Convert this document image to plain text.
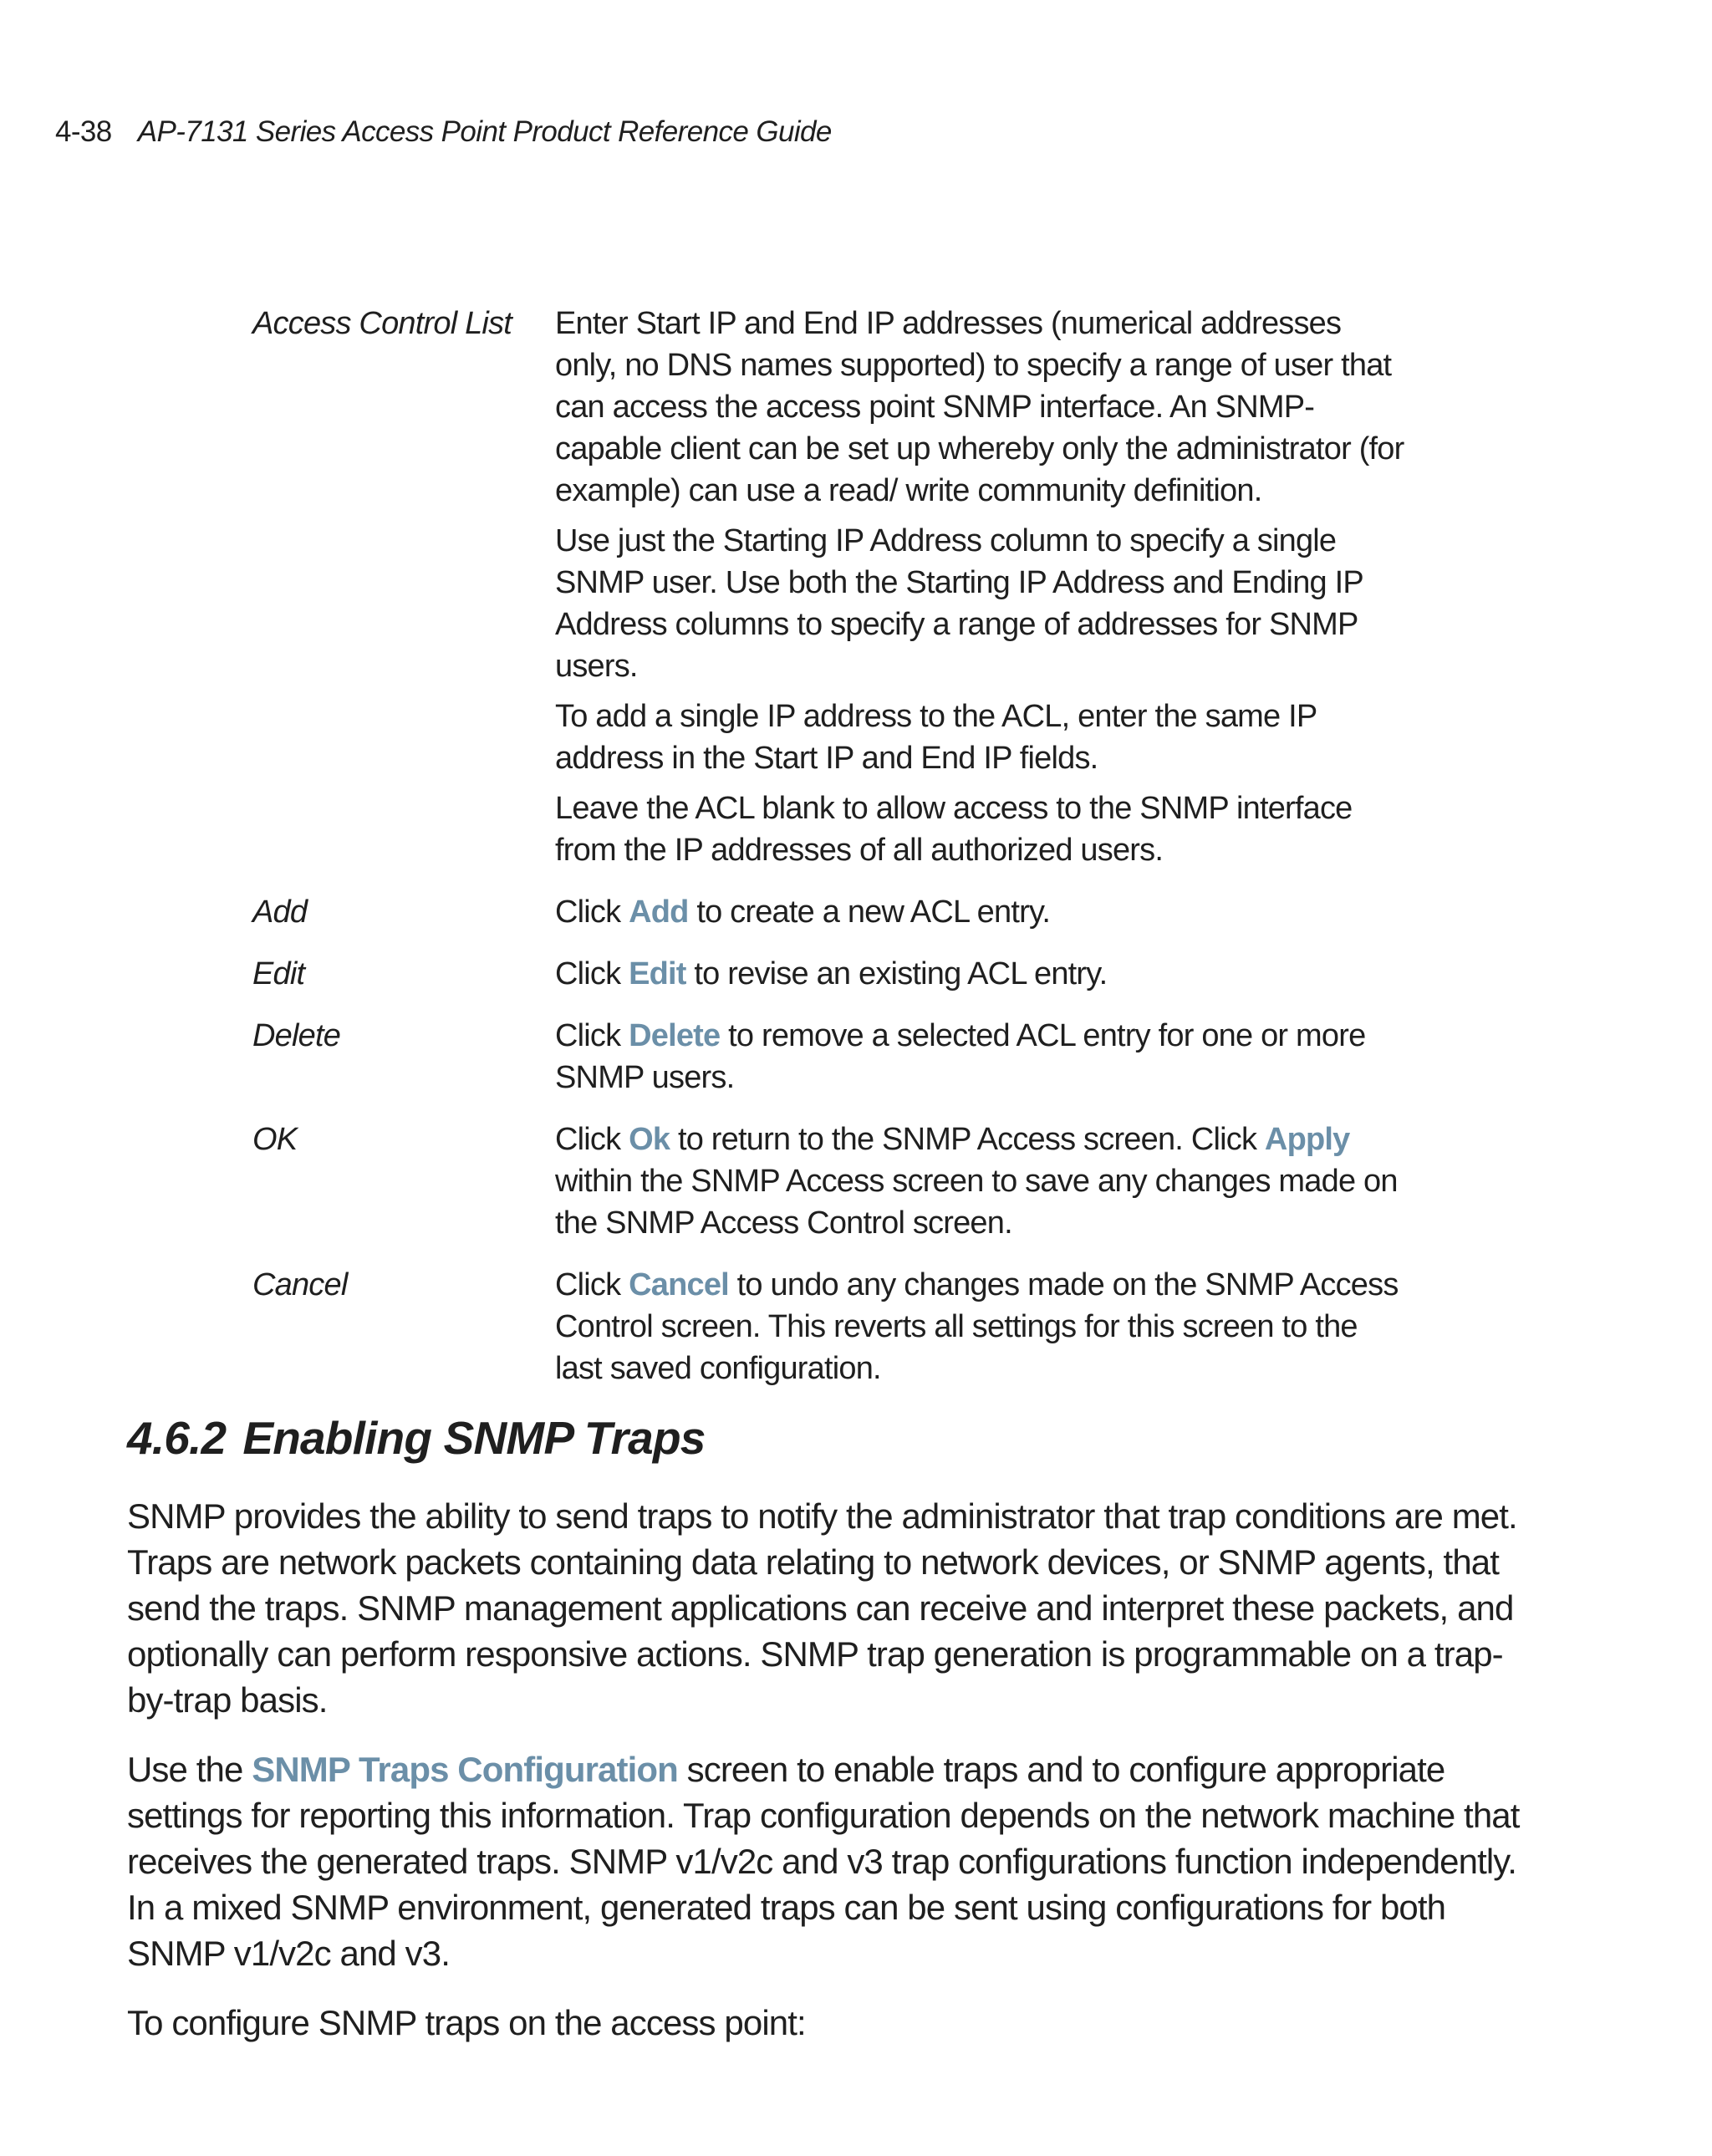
4-38 AP-7131 Series Access Point Product Reference Guide
Access Control List	Enter Start IP and End IP addresses (numerical addresses only, no DNS names supported) to specify a range of user that can access the access point SNMP interface. An SNMP-capable client can be set up whereby only the administrator (for example) can use a read/ write community definition.

Use just the Starting IP Address column to specify a single SNMP user. Use both the Starting IP Address and Ending IP Address columns to specify a range of addresses for SNMP users.

To add a single IP address to the ACL, enter the same IP address in the Start IP and End IP fields.

Leave the ACL blank to allow access to the SNMP interface from the IP addresses of all authorized users.

Add	Click Add to create a new ACL entry.
Edit	Click Edit to revise an existing ACL entry.
Delete	Click Delete to remove a selected ACL entry for one or more SNMP users.
OK	Click Ok to return to the SNMP Access screen. Click Apply within the SNMP Access screen to save any changes made on the SNMP Access Control screen.
Cancel	Click Cancel to undo any changes made on the SNMP Access Control screen. This reverts all settings for this screen to the last saved configuration.
4.6.2 Enabling SNMP Traps

SNMP provides the ability to send traps to notify the administrator that trap conditions are met. Traps are network packets containing data relating to network devices, or SNMP agents, that send the traps. SNMP management applications can receive and interpret these packets, and optionally can perform responsive actions. SNMP trap generation is programmable on a trap-by-trap basis.

Use the SNMP Traps Configuration screen to enable traps and to configure appropriate settings for reporting this information. Trap configuration depends on the network machine that receives the generated traps. SNMP v1/v2c and v3 trap configurations function independently. In a mixed SNMP environment, generated traps can be sent using configurations for both SNMP v1/v2c and v3.

To configure SNMP traps on the access point:
